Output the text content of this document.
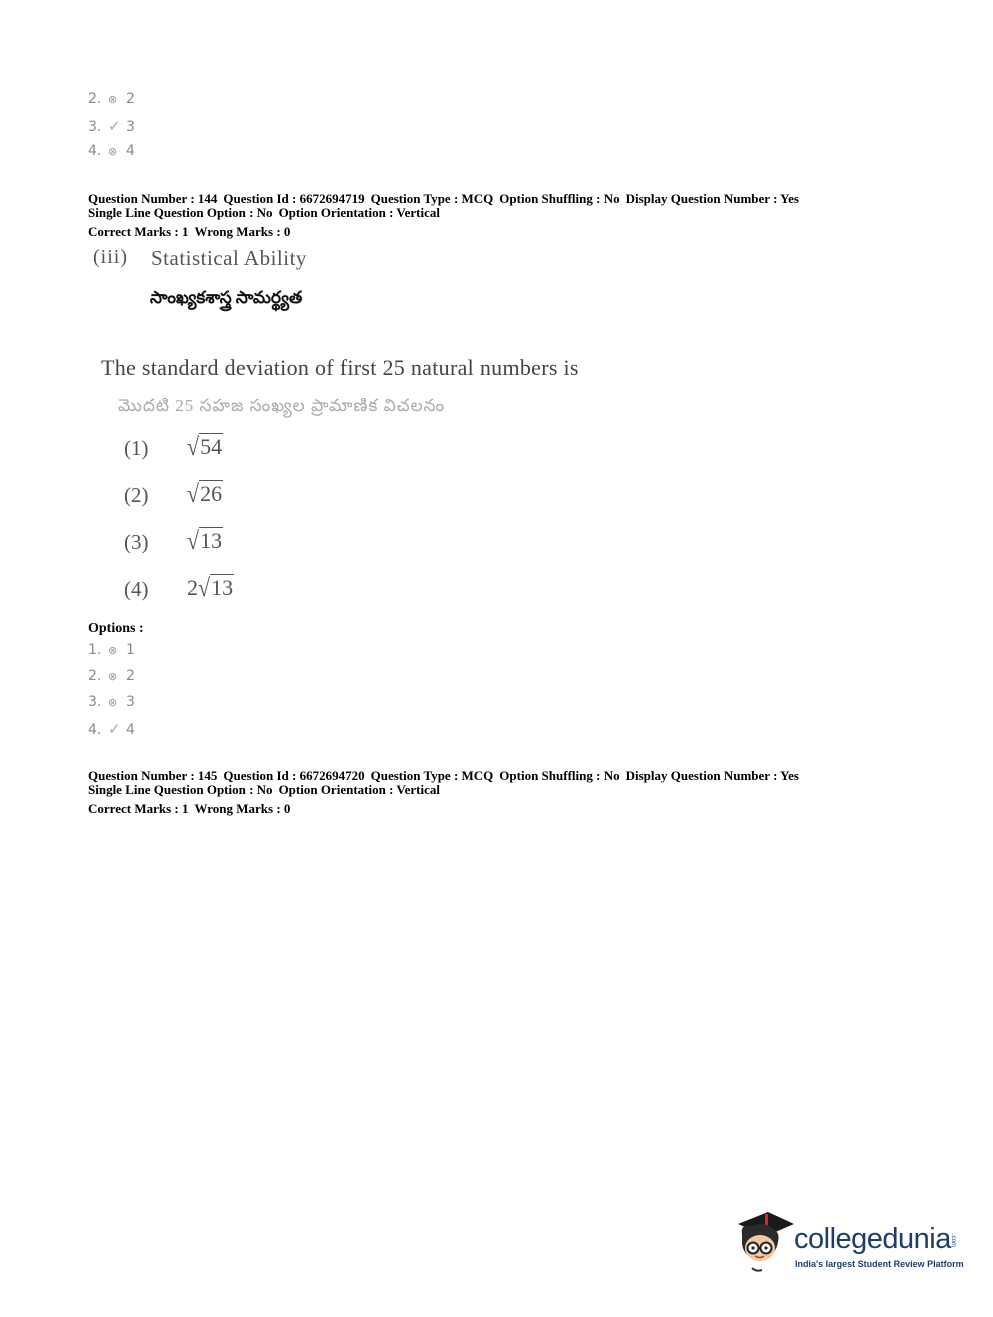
2. ⊗ 2
3. ✓ 3
4. ⊗ 4
Question Number : 144 Question Id : 6672694719 Question Type : MCQ Option Shuffling : No Display Question Number : Yes
Single Line Question Option : No Option Orientation : Vertical
Correct Marks : 1 Wrong Marks : 0
(iii) Statistical Ability
సాంఖ్యకశాస్త్ర సామర్థ్యత
The standard deviation of first 25 natural numbers is
మొదటి 25 సహజ సంఖ్యల ప్రామాణిక విచలనం
(1) √54
(2) √26
(3) √13
(4) 2√13
Options :
1. ⊗ 1
2. ⊗ 2
3. ⊗ 3
4. ✓ 4
Question Number : 145 Question Id : 6672694720 Question Type : MCQ Option Shuffling : No Display Question Number : Yes
Single Line Question Option : No Option Orientation : Vertical
Correct Marks : 1 Wrong Marks : 0
collegedunia .com
India's largest Student Review Platform
